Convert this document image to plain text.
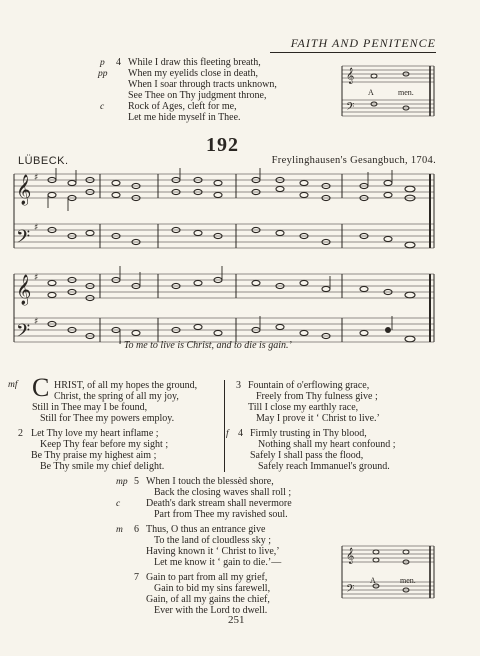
FAITH AND PENITENCE
p 4 While I draw this fleeting breath,
pp When my eyelids close in death,
When I soar through tracts unknown,
See Thee on Thy judgment throne,
c Rock of Ages, cleft for me,
Let me hide myself in Thee.
𝄞
𝄢
A	men.
192
LÜBECK.	Freylinghausen's Gesangbuch, 1704.
𝄞
𝄢
𝄞
𝄢
♯
♯
♯
♯
‘ To me to live is Christ, and to die is gain.’
mf C HRIST, of all my hopes the ground,
Christ, the spring of all my joy,
Still in Thee may I be found,
Still for Thee my powers employ.
2 Let Thy love my heart inflame ;
Keep Thy fear before my sight ;
Be Thy praise my highest aim ;
Be Thy smile my chief delight.
3 Fountain of o'erflowing grace,
Freely from Thy fulness give ;
Till I close my earthly race,
May I prove it ‘ Christ to live.’
f 4 Firmly trusting in Thy blood,
Nothing shall my heart confound ;
Safely I shall pass the flood,
Safely reach Immanuel's ground.
mp 5 When I touch the blessèd shore,
Back the closing waves shall roll ;
c	Death's dark stream shall nevermore
Part from Thee my ravished soul.
m 6 Thus, O thus an entrance give
To the land of cloudless sky ;
Having known it ‘ Christ to live,’
Let me know it ‘ gain to die.’—
7 Gain to part from all my grief,
Gain to bid my sins farewell,
Gain, of all my gains the chief,
Ever with the Lord to dwell.
𝄞
𝄢
A	men.
251
